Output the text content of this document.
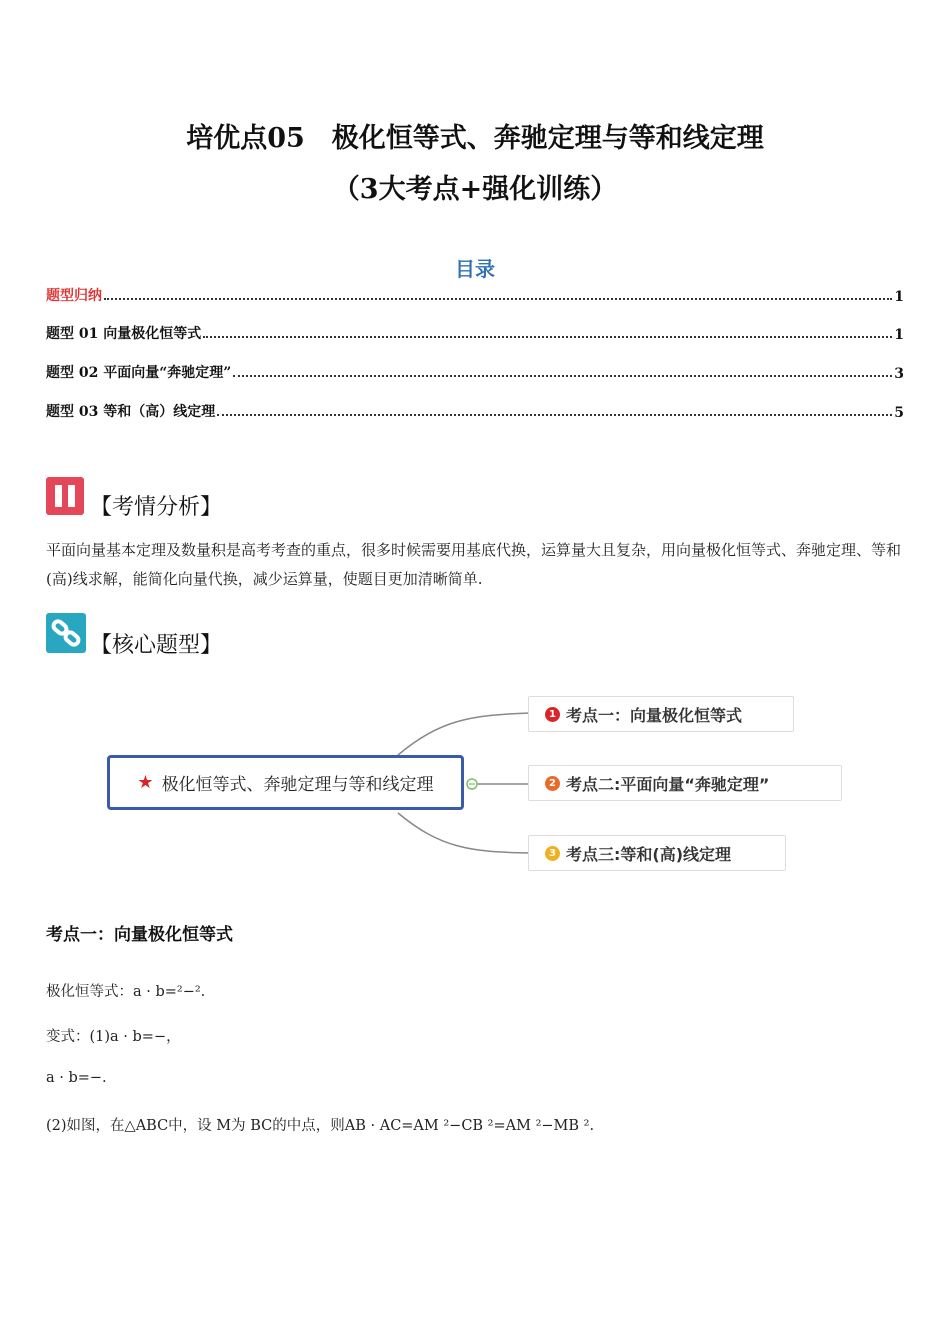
培优点05　极化恒等式、奔驰定理与等和线定理
（3大考点+强化训练）
目录
题型归纳	1
题型 01 向量极化恒等式	1
题型 02 平面向量“奔驰定理”	3
题型 03 等和（高）线定理	5
【考情分析】
平面向量基本定理及数量积是高考考查的重点，很多时候需要用基底代换，运算量大且复杂，用向量极化恒等式、奔驰定理、等和(高)线求解，能简化向量代换，减少运算量，使题目更加清晰简单.
【核心题型】
★ 极化恒等式、奔驰定理与等和线定理
1 考点一：向量极化恒等式
2 考点二:平面向量“奔驰定理”
3 考点三:等和(高)线定理
考点一：向量极化恒等式
极化恒等式：a · b=²−².
变式：(1)a · b=−，
a · b=−.
(2)如图，在△ABC中，设 M为 BC的中点，则AB · AC=AM ²−CB ²=AM ²−MB ².
